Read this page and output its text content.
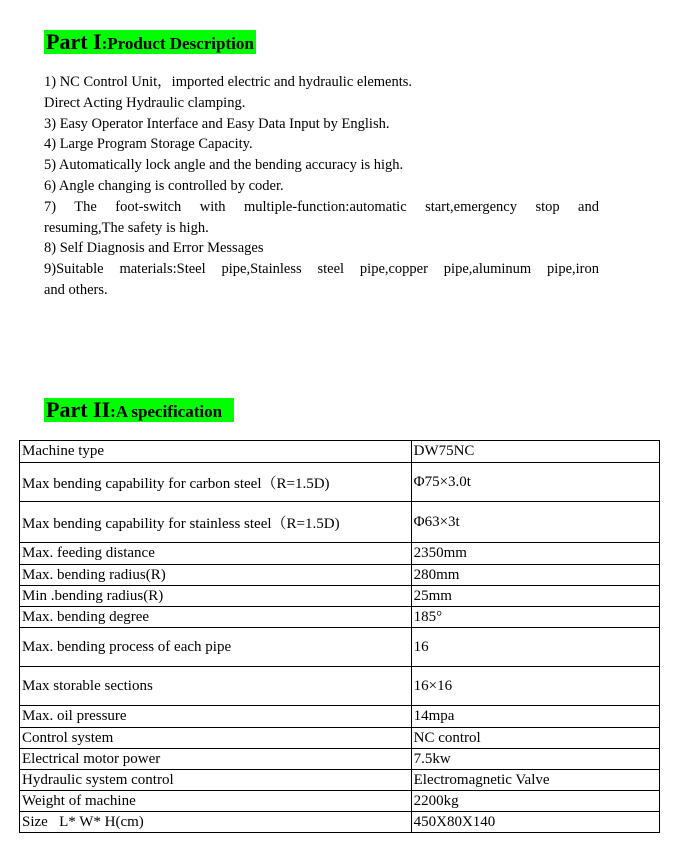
Part I:Product Description
1) NC Control Unit，imported electric and hydraulic elements.
Direct Acting Hydraulic clamping.
3) Easy Operator Interface and Easy Data Input by English.
4) Large Program Storage Capacity.
5) Automatically lock angle and the bending accuracy is high.
6) Angle changing is controlled by coder.
7) The foot-switch with multiple-function:automatic start,emergency stop and
resuming,The safety is high.
8) Self Diagnosis and Error Messages
9)Suitable materials:Steel pipe,Stainless steel pipe,copper pipe,aluminum pipe,iron
and others.
Part II:A specification
Machine type	DW75NC
Max bending capability for carbon steel（R=1.5D)	Φ75×3.0t
Max bending capability for stainless steel（R=1.5D)	Φ63×3t
Max. feeding distance	2350mm
Max. bending radius(R)	280mm
Min .bending radius(R)	25mm
Max. bending degree	185°
Max. bending process of each pipe	16
Max storable sections	16×16
Max. oil pressure	14mpa
Control system	NC control
Electrical motor power	7.5kw
Hydraulic system control	Electromagnetic Valve
Weight of machine	2200kg
Size   L* W* H(cm)	450X80X140
